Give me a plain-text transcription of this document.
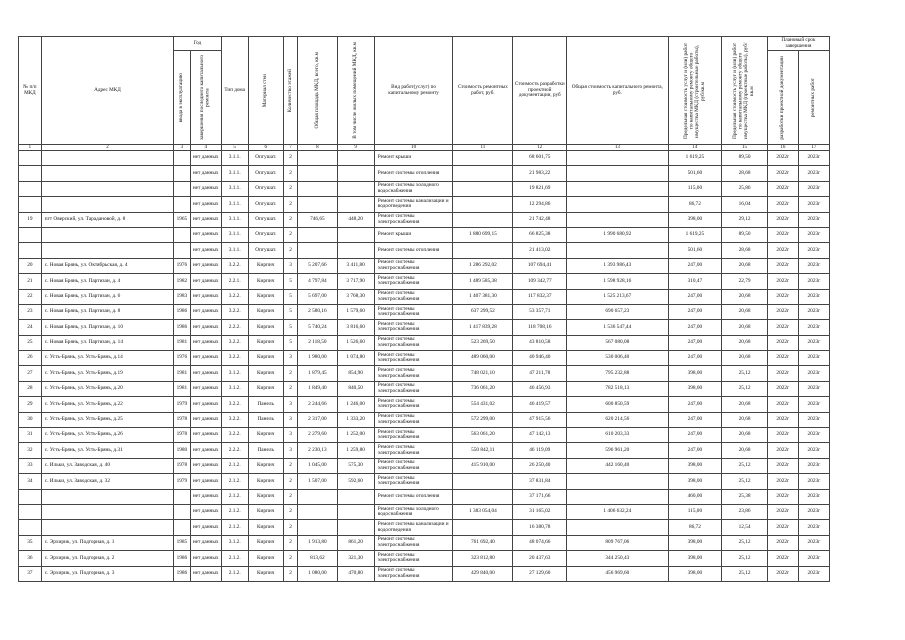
№ п/п МКД	Адрес МКД	Год		Тип дома	Материал стен	Количество этажей	Общая площадь МКД, всего, кв.м	В том числе жилых помещений МКД, кв.м	Вид работ(услуг) по капитальному ремонту	Стоимость ремонтных работ, руб.	Стоимость разработки проектной документации, руб	Общая стоимость капитального ремонта, руб.	Предельная стоимость услуг и (или) работ по капитальному ремонту общего имущества МКД (строительные работы), руб/кв.м	Предельная стоимость услуг и (или) работ по капитальному ремонту общего имущества МКД (проектные работы), руб/кв.м	Плановый срок завершения	

		ввода в эксплуатацию	завершения последнего капитального ремонта												разработки проектной документации	ремонтных работ

1	2	3	4	5	6	7	8	9	10	11	12	13	14	15	16	17
			нет данных	3.1.1.	Опгушат.	2			Ремонт крыши		68 601,75		1 619,25	89,50	2022г	2023г
			нет данных	3.1.1.	Опгушат.	2			Ремонт системы отопления		21 983,22		501,60	28,68	2022г	2023г
			нет данных	3.1.1.	Опгушат.	2			Ремонт системы холодного водоснабжения		19 821,69		115,00	25,86	2022г	2023г
			нет данных	3.1.1.	Опгушат.	2			Ремонт системы канализации и водоотведения		12 294,86		86,72	16,04	2022г	2023г
19	пгт Оверский, ул. Тарадановой, д. 8	1965	нет данных	3.1.1.	Опгушат.	2	746,65	448,20	Ремонт системы электроснабжения		21 742,48		398,00	29,12	2022г	2023г
			нет данных	3.1.1.	Опгушат.	2			Ремонт крыши	1 880 699,15	66 825,38	1 990 680,92	1 619,25	89,50	2022г	2023г
			нет данных	3.1.1.	Опгушат.	2			Ремонт системы отопления		21 413,02		501,60	28,68	2022г	2023г
20	с. Новая Брянь, ул. Октябрьская, д. 4	1976	нет данных	3.2.2.	Кирпич	3	5 207,66	3 411,80	Ремонт системы электроснабжения	1 286 292,02	107 694,41	1 393 986,43	247,00	20,68	2022г	2023г
21	с. Новая Брянь, ул. Партизан, д. 4	1982	нет данных	2.2.1.	Кирпич	5	4 797,84	3 717,90	Ремонт системы электроснабжения	1 489 585,38	109 342,77	1 598 928,16	310,47	22,79	2022г	2023г
22	с. Новая Брянь, ул. Партизан, д. 6	1983	нет данных	3.2.2.	Кирпич	5	5 697,00	3 768,30	Ремонт системы электроснабжения	1 407 381,30	117 832,37	1 525 213,67	247,00	20,68	2022г	2023г
23	с. Новая Брянь, ул. Партизан, д. 8	1986	нет данных	3.2.2.	Кирпич	5	2 580,16	1 579,60	Ремонт системы электроснабжения	637 299,52	53 357,71	690 657,23	247,00	20,68	2022г	2023г
24	с. Новая Брянь, ул. Партизан, д. 10	1986	нет данных	2.2.2.	Кирпич	5	5 740,24	3 816,60	Ремонт системы электроснабжения	1 417 839,28	118 708,16	1 536 547,44	247,00	20,68	2022г	2023г
25	с. Новая Брянь, ул. Партизан, д. 14	1981	нет данных	3.2.2.	Кирпич	5	2 118,50	1 526,60	Ремонт системы электроснабжения	523 269,50	43 810,58	567 080,08	247,00	20,68	2022г	2023г
26	с. Усть-Брянь, ул. Усть-Брянь, д.14	1976	нет данных	3.2.2.	Кирпич	3	1 980,00	1 074,80	Ремонт системы электроснабжения	489 060,00	40 946,40	530 006,40	247,00	20,68	2022г	2023г
27	с. Усть-Брянь, ул. Усть-Брянь, д.19	1981	нет данных	3.1.2.	Кирпич	2	1 879,45	854,90	Ремонт системы электроснабжения	748 021,10	47 211,78	795 232,88	398,00	25,12	2022г	2023г
28	с. Усть-Брянь, ул. Усть-Брянь, д.20	1981	нет данных	3.1.2.	Кирпич	2	1 849,40	840,50	Ремонт системы электроснабжения	736 061,20	46 456,93	782 518,13	398,00	25,12	2022г	2023г
29	с. Усть-Брянь, ул. Усть-Брянь, д.22	1979	нет данных	3.2.2.	Панель	3	2 244,66	1 246,00	Ремонт системы электроснабжения	554 431,02	46 419,57	600 850,59	247,00	20,68	2022г	2023г
30	с. Усть-Брянь, ул. Усть-Брянь, д.25	1978	нет данных	3.2.2.	Панель	3	2 317,00	1 333,20	Ремонт системы электроснабжения	572 299,00	47 915,56	620 214,56	247,00	20,68	2022г	2023г
31	с. Усть-Брянь, ул. Усть-Брянь, д.26	1978	нет данных	3.2.2.	Кирпич	3	2 279,60	1 252,00	Ремонт системы электроснабжения	563 061,20	47 142,13	610 203,33	247,00	20,68	2022г	2023г
32	с. Усть-Брянь, ул. Усть-Брянь, д.31	1980	нет данных	2.2.2.	Панель	3	2 230,13	1 259,80	Ремонт системы электроснабжения	550 842,11	46 119,09	596 961,20	247,00	20,68	2022г	2023г
33	с. Ильки, ул. Заводская, д. 40	1978	нет данных	2.1.2.	Кирпич	2	1 045,00	575,30	Ремонт системы электроснабжения	415 910,00	26 250,40	442 160,40	398,00	25,12	2022г	2023г
34	с. Ильки, ул. Заводская, д. 32	1979	нет данных	2.1.2.	Кирпич	2	1 507,00	592,60	Ремонт системы электроснабжения		37 831,84		398,00	25,12	2022г	2023г
			нет данных	2.1.2.	Кирпич	2			Ремонт системы отопления		37 171,66		460,00	25,38	2022г	2023г
			нет данных	2.1.2.	Кирпич	2			Ремонт системы холодного водоснабжения	1 383 054,04	31 165,02	1 406 632,24	115,00	23,86	2022г	2023г
			нет данных	2.1.2.	Кирпич	2			Ремонт системы канализации и водоотведения		16 380,78		86,72	12,54	2022г	2023г
35	с. Эрхирик, ул. Подгорная, д. 1	1985	нет данных	3.1.2.	Кирпич	2	1 913,80	861,20	Ремонт системы электроснабжения	761 692,40	48 074,66	809 767,06	398,00	25,12	2022г	2023г
36	с. Эрхирик, ул. Подгорная, д. 2	1986	нет данных	2.1.2.	Кирпич	2	813,62	321,30	Ремонт системы электроснабжения	323 812,80	20 437,63	344 250,43	398,00	25,12	2022г	2023г
37	с. Эрхирик, ул. Подгорная, д. 3	1986	нет данных	2.1.2.	Кирпич	2	1 080,00	470,80	Ремонт системы электроснабжения	429 840,00	27 129,60	456 969,60	398,00	25,12	2022г	2023г
